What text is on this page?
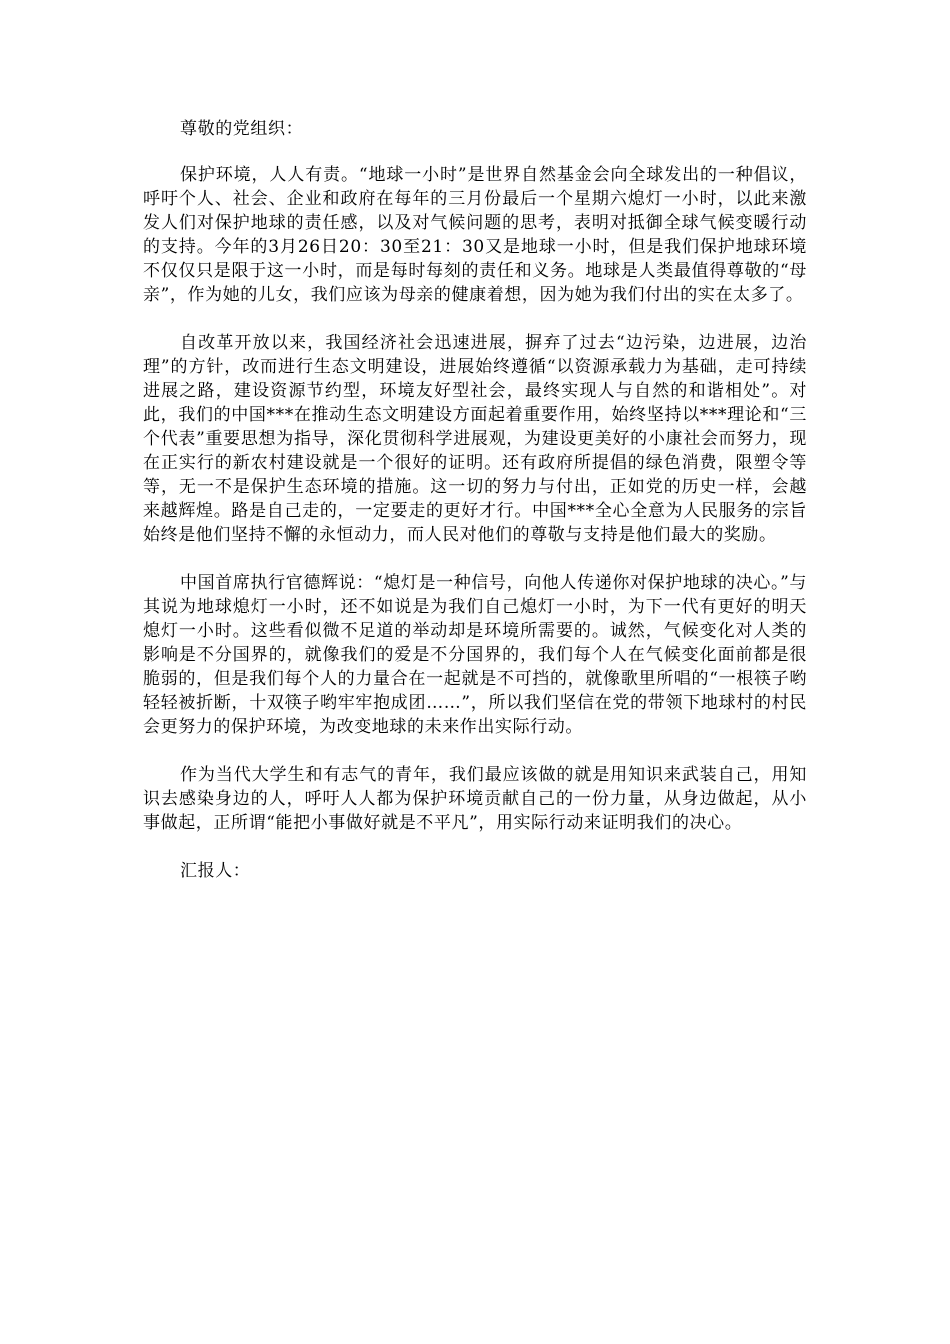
尊敬的党组织：

保护环境，人人有责。“地球一小时”是世界自然基金会向全球发出的一种倡议，呼吁个人、社会、企业和政府在每年的三月份最后一个星期六熄灯一小时，以此来激发人们对保护地球的责任感，以及对气候问题的思考，表明对抵御全球气候变暖行动的支持。今年的3月26日20：30至21：30又是地球一小时，但是我们保护地球环境不仅仅只是限于这一小时，而是每时每刻的责任和义务。地球是人类最值得尊敬的“母亲”，作为她的儿女，我们应该为母亲的健康着想，因为她为我们付出的实在太多了。

自改革开放以来，我国经济社会迅速进展，摒弃了过去“边污染，边进展，边治理”的方针，改而进行生态文明建设，进展始终遵循“以资源承载力为基础，走可持续进展之路，建设资源节约型，环境友好型社会，最终实现人与自然的和谐相处”。对此，我们的中国***在推动生态文明建设方面起着重要作用，始终坚持以***理论和“三个代表”重要思想为指导，深化贯彻科学进展观，为建设更美好的小康社会而努力，现在正实行的新农村建设就是一个很好的证明。还有政府所提倡的绿色消费，限塑令等等，无一不是保护生态环境的措施。这一切的努力与付出，正如党的历史一样，会越来越辉煌。路是自己走的，一定要走的更好才行。中国***全心全意为人民服务的宗旨始终是他们坚持不懈的永恒动力，而人民对他们的尊敬与支持是他们最大的奖励。

中国首席执行官德辉说：“熄灯是一种信号，向他人传递你对保护地球的决心。”与其说为地球熄灯一小时，还不如说是为我们自己熄灯一小时，为下一代有更好的明天熄灯一小时。这些看似微不足道的举动却是环境所需要的。诚然，气候变化对人类的影响是不分国界的，就像我们的爱是不分国界的，我们每个人在气候变化面前都是很脆弱的，但是我们每个人的力量合在一起就是不可挡的，就像歌里所唱的“一根筷子哟轻轻被折断，十双筷子哟牢牢抱成团……”，所以我们坚信在党的带领下地球村的村民会更努力的保护环境，为改变地球的未来作出实际行动。

作为当代大学生和有志气的青年，我们最应该做的就是用知识来武装自己，用知识去感染身边的人，呼吁人人都为保护环境贡献自己的一份力量，从身边做起，从小事做起，正所谓“能把小事做好就是不平凡”，用实际行动来证明我们的决心。

汇报人：
